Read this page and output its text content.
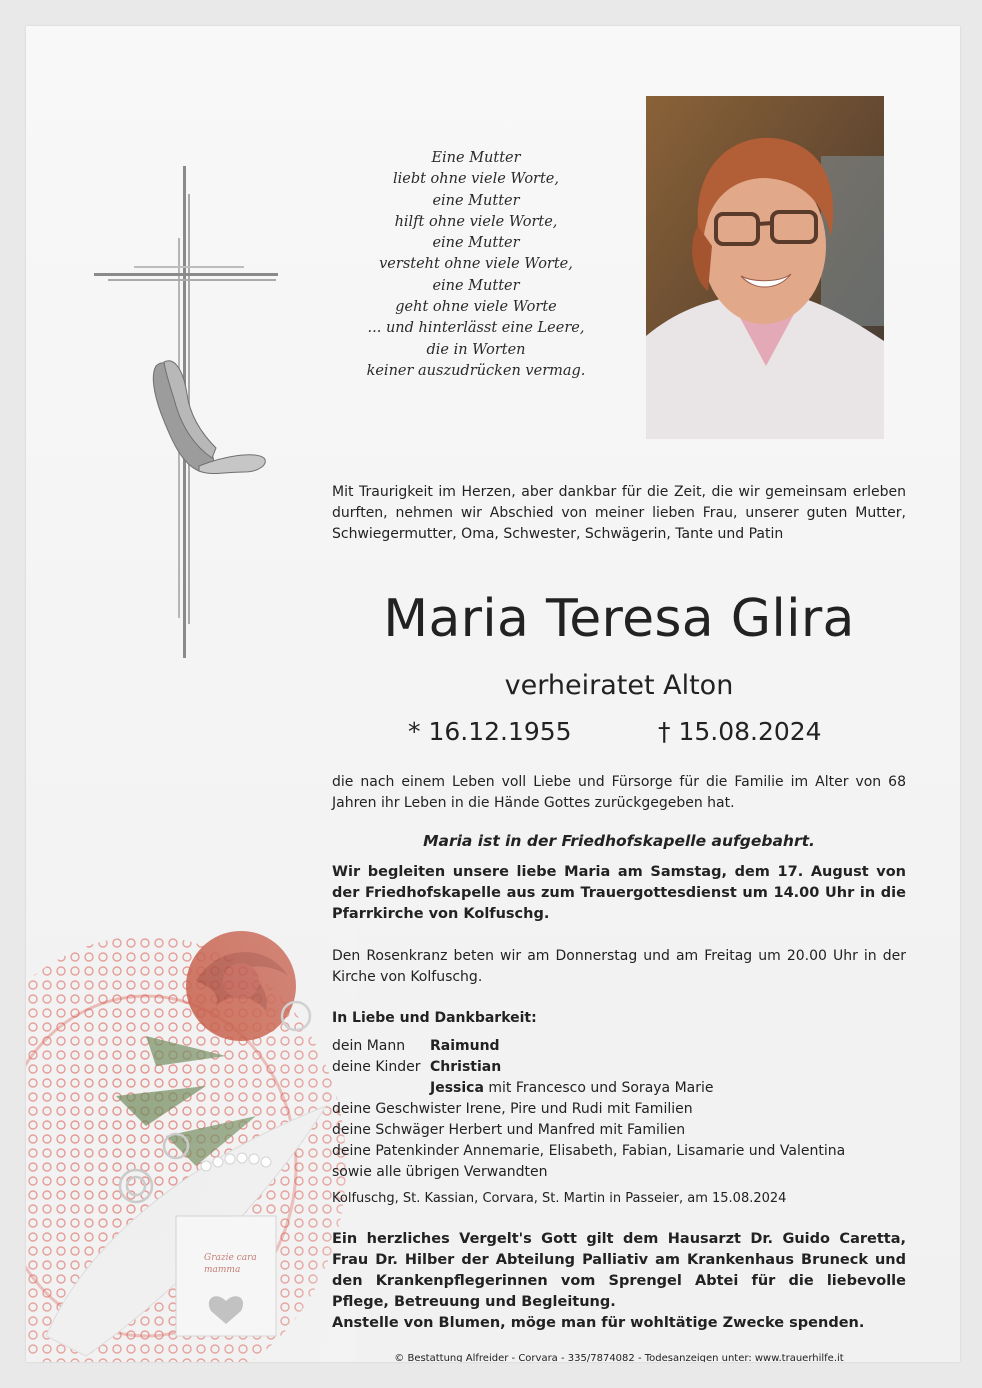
Grazie cara mamma
Eine Mutter
liebt ohne viele Worte,
eine Mutter
hilft ohne viele Worte,
eine Mutter
versteht ohne viele Worte,
eine Mutter
geht ohne viele Worte
... und hinterlässt eine Leere,
die in Worten
keiner auszudrücken vermag.
Mit Traurigkeit im Herzen, aber dankbar für die Zeit, die wir gemeinsam erleben durften, nehmen wir Abschied von meiner lieben Frau, unserer guten Mutter, Schwiegermutter, Oma, Schwester, Schwägerin, Tante und Patin
Maria Teresa Glira
verheiratet Alton
* 16.12.1955	† 15.08.2024
die nach einem Leben voll Liebe und Fürsorge für die Familie im Alter von 68 Jahren ihr Leben in die Hände Gottes zurückgegeben hat.
Maria ist in der Friedhofskapelle aufgebahrt.
Wir begleiten unsere liebe Maria am Samstag, dem 17. August von der Friedhofskapelle aus zum Trauergottesdienst um 14.00 Uhr in die Pfarrkirche von Kolfuschg.
Den Rosenkranz beten wir am Donnerstag und am Freitag um 20.00 Uhr in der Kirche von Kolfuschg.
In Liebe und Dankbarkeit:
dein Mann Raimund
deine Kinder Christian
Jessica mit Francesco und Soraya Marie
deine Geschwister Irene, Pire und Rudi mit Familien
deine Schwäger Herbert und Manfred mit Familien
deine Patenkinder Annemarie, Elisabeth, Fabian, Lisamarie und Valentina
sowie alle übrigen Verwandten
Kolfuschg, St. Kassian, Corvara, St. Martin in Passeier, am 15.08.2024
Ein herzliches Vergelt's Gott gilt dem Hausarzt Dr. Guido Caretta, Frau Dr. Hilber der Abteilung Palliativ am Krankenhaus Bruneck und den Krankenpflegerinnen vom Sprengel Abtei für die liebevolle Pflege, Betreuung und Begleitung.
Anstelle von Blumen, möge man für wohltätige Zwecke spenden.
© Bestattung Alfreider - Corvara - 335/7874082 - Todesanzeigen unter: www.trauerhilfe.it
